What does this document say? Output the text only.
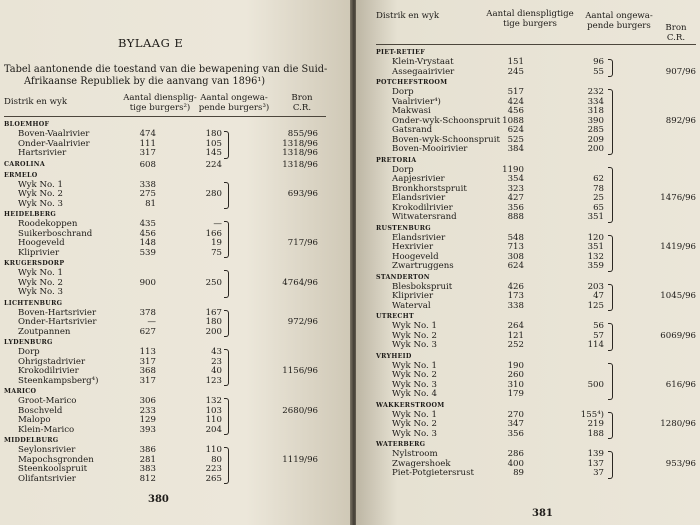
BYLAAG E
Tabel aantonende die toestand van die bewapening van die Suid-
Afrikaanse Republiek by die aanvang van 1896¹)
Distrik en wyk	Aantal diensplig-
tige burgers²)
Aantal ongewa-
pende burgers³)
Bron
C.R.
BLOEMHOF
Boven-Vaalrivier	474	180	855/96
Onder-Vaalrivier	111	105	1318/96
Hartsrivier	317	145	1318/96
CAROLINA	608	224	1318/96
ERMELO
Wyk No. 1	338
Wyk No. 2	275	280	693/96
Wyk No. 3	81
HEIDELBERG
Roodekoppen	435	—
Suikerboschrand	456	166
Hoogeveld	148	19	717/96
Kliprivier	539	75
KRUGERSDORP
Wyk No. 1
Wyk No. 2	900	250	4764/96
Wyk No. 3
LICHTENBURG
Boven-Hartsrivier	378	167
Onder-Hartsrivier	—	180	972/96
Zoutpannen	627	200
LYDENBURG
Dorp	113	43
Ohrigstadrivier	317	23
Krokodilrivier	368	40	1156/96
Steenkampsberg⁴)	317	123
MARICO
Groot-Marico	306	132
Boschveld	233	103	2680/96
Malopo	129	110
Klein-Marico	393	204
MIDDELBURG
Seylonsrivier	386	110
Mapochsgronden	281	80	1119/96
Steenkoolspruit	383	223
Olifantsrivier	812	265
380
Distrik en wyk	Aantal dienspligtige
tige burgers
Aantal ongewa-
pende burgers	Bron
C.R.
PIET-RETIEF
Klein-Vrystaat	151	96
Assegaairivier	245	55	907/96
POTCHEFSTROOM
Dorp	517	232
Vaalrivier⁴)	424	334
Makwasi	456	318
Onder-wyk-Schoonspruit 1088	390	892/96
Gatsrand	624	285
Boven-wyk-Schoonspruit 525	209
Boven-Mooirivier	384	200
PRETORIA
Dorp	1190
Aapjesrivier	354	62
Bronkhorstspruit	323	78
Elandsrivier	427	25	1476/96
Krokodilrivier	356	65
Witwatersrand	888	351
RUSTENBURG
Elandsrivier	548	120
Hexrivier	713	351	1419/96
Hoogeveld	308	132
Zwartruggens	624	359
STANDERTON
Blesbokspruit	426	203
Kliprivier	173	47	1045/96
Waterval	338	125
UTRECHT
Wyk No. 1	264	56
Wyk No. 2	121	57	6069/96
Wyk No. 3	252	114
VRYHEID
Wyk No. 1	190
Wyk No. 2	260
Wyk No. 3	310	500	616/96
Wyk No. 4	179
WAKKERSTROOM
Wyk No. 1	270	155⁴)
Wyk No. 2	347	219	1280/96
Wyk No. 3	356	188
WATERBERG
Nylstroom	286	139
Zwagershoek	400	137	953/96
Piet-Potgietersrust	89	37
381
